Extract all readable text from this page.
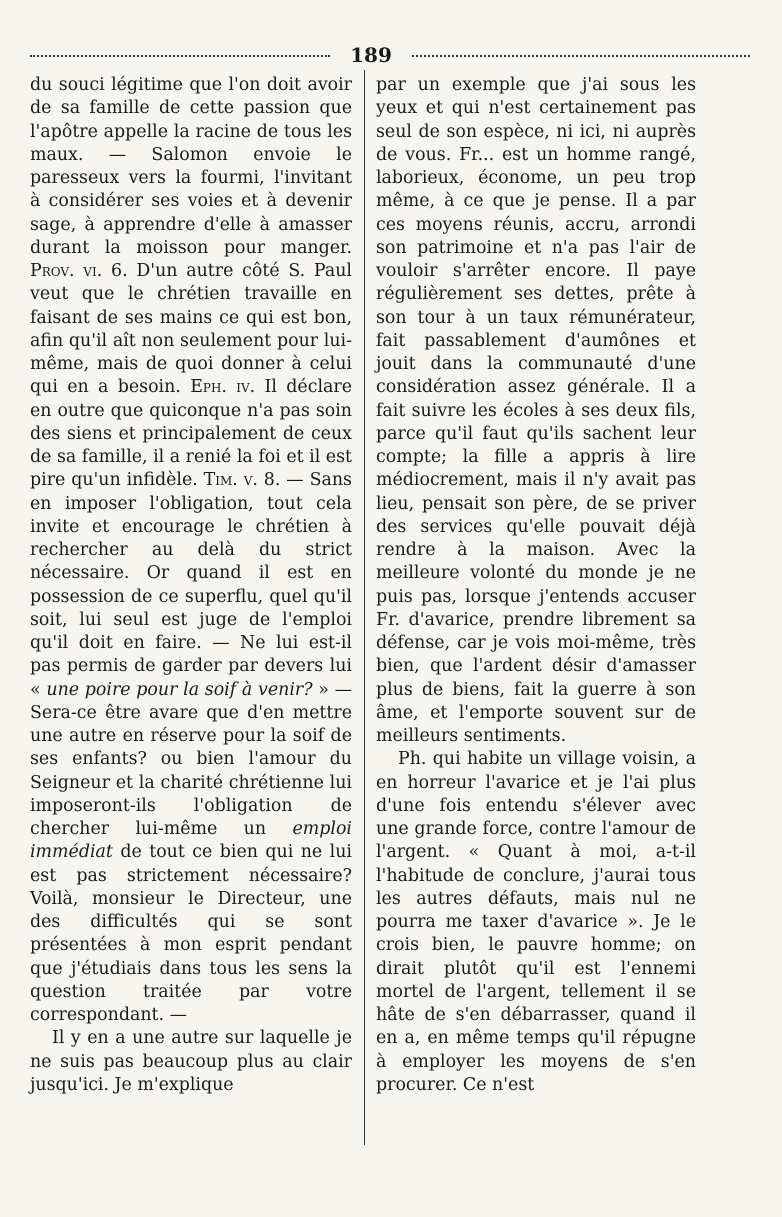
189

du souci légitime que l'on doit avoir de sa famille de cette passion que l'apôtre appelle la racine de tous les maux. — Salomon envoie le paresseux vers la fourmi, l'invitant à considérer ses voies et à devenir sage, à apprendre d'elle à amasser durant la moisson pour manger. Prov. vi. 6. D'un autre côté S. Paul veut que le chrétien travaille en faisant de ses mains ce qui est bon, afin qu'il aît non seulement pour lui-même, mais de quoi donner à celui qui en a besoin. Eph. iv. Il déclare en outre que quiconque n'a pas soin des siens et principalement de ceux de sa famille, il a renié la foi et il est pire qu'un infidèle. Tim. v. 8. — Sans en imposer l'obligation, tout cela invite et encourage le chrétien à rechercher au delà du strict nécessaire. Or quand il est en possession de ce superflu, quel qu'il soit, lui seul est juge de l'emploi qu'il doit en faire. — Ne lui est-il pas permis de garder par devers lui « une poire pour la soif à venir? » — Sera-ce être avare que d'en mettre une autre en réserve pour la soif de ses enfants? ou bien l'amour du Seigneur et la charité chrétienne lui imposeront-ils l'obligation de chercher lui-même un emploi immédiat de tout ce bien qui ne lui est pas strictement nécessaire? Voilà, monsieur le Directeur, une des difficultés qui se sont présentées à mon esprit pendant que j'étudiais dans tous les sens la question traitée par votre correspondant. —

Il y en a une autre sur laquelle je ne suis pas beaucoup plus au clair jusqu'ici. Je m'explique

par un exemple que j'ai sous les yeux et qui n'est certainement pas seul de son espèce, ni ici, ni auprès de vous. Fr... est un homme rangé, laborieux, économe, un peu trop même, à ce que je pense. Il a par ces moyens réunis, accru, arrondi son patrimoine et n'a pas l'air de vouloir s'arrêter encore. Il paye régulièrement ses dettes, prête à son tour à un taux rémunérateur, fait passablement d'aumônes et jouit dans la communauté d'une considération assez générale. Il a fait suivre les écoles à ses deux fils, parce qu'il faut qu'ils sachent leur compte; la fille a appris à lire médiocrement, mais il n'y avait pas lieu, pensait son père, de se priver des services qu'elle pouvait déjà rendre à la maison. Avec la meilleure volonté du monde je ne puis pas, lorsque j'entends accuser Fr. d'avarice, prendre librement sa défense, car je vois moi-même, très bien, que l'ardent désir d'amasser plus de biens, fait la guerre à son âme, et l'emporte souvent sur de meilleurs sentiments.

Ph. qui habite un village voisin, a en horreur l'avarice et je l'ai plus d'une fois entendu s'élever avec une grande force, contre l'amour de l'argent. « Quant à moi, a-t-il l'habitude de conclure, j'aurai tous les autres défauts, mais nul ne pourra me taxer d'avarice ». Je le crois bien, le pauvre homme; on dirait plutôt qu'il est l'ennemi mortel de l'argent, tellement il se hâte de s'en débarrasser, quand il en a, en même temps qu'il répugne à employer les moyens de s'en procurer. Ce n'est
